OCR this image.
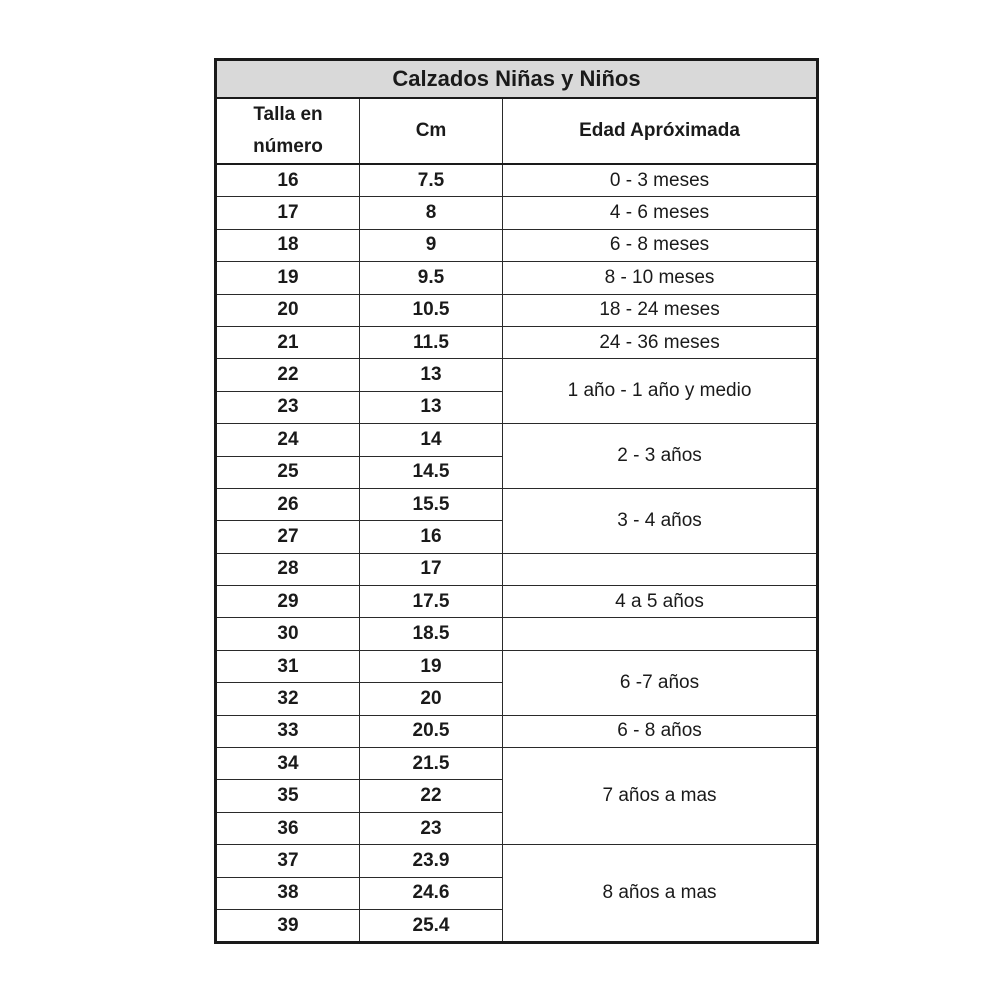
Calzados Niñas y Niños		
Talla en número	Cm	Edad Apróximada
16	7.5	0 - 3 meses
17	8	4 - 6 meses
18	9	6 - 8 meses
19	9.5	8 - 10 meses
20	10.5	18 - 24 meses
21	11.5	24 - 36 meses
22	13	1 año - 1 año y medio
23	13	
24	14	2 - 3 años
25	14.5	
26	15.5	3 - 4 años
27	16	
28	17	
29	17.5	4 a 5 años
30	18.5	
31	19	6 -7 años
32	20	
33	20.5	6 - 8 años
34	21.5	7 años a mas
35	22	
36	23	
37	23.9	8 años a mas
38	24.6	
39	25.4	
